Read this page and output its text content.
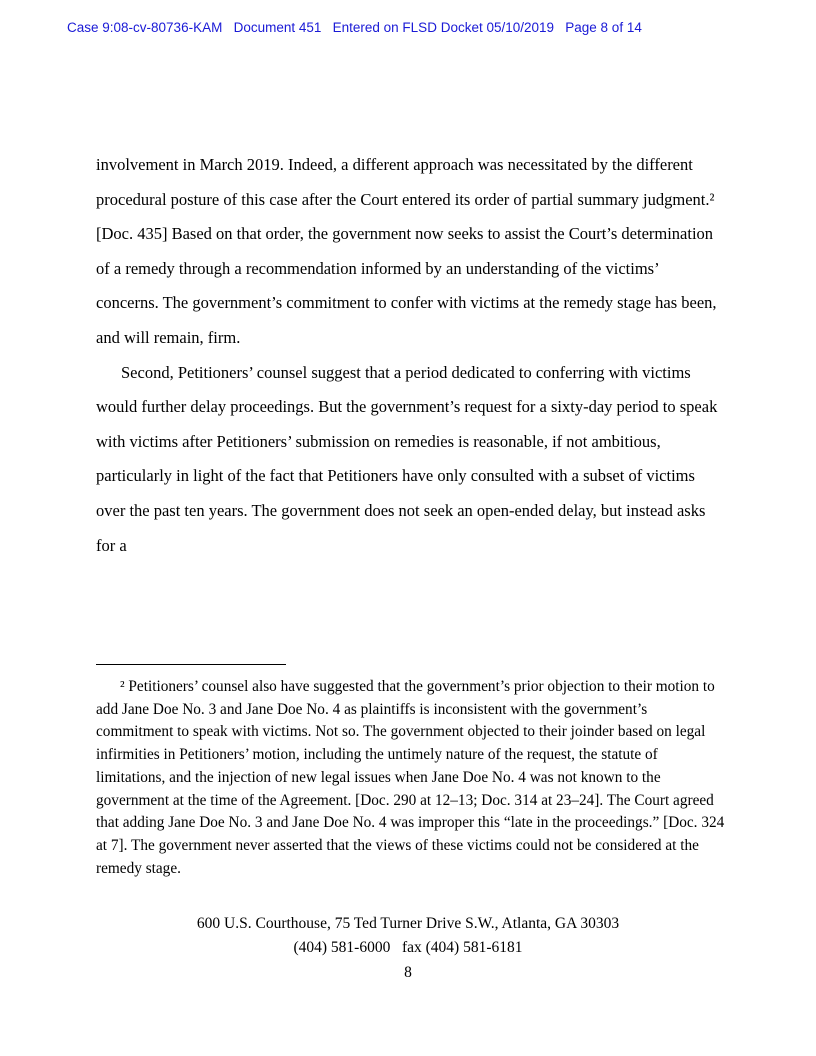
Case 9:08-cv-80736-KAM   Document 451   Entered on FLSD Docket 05/10/2019   Page 8 of 14

involvement in March 2019. Indeed, a different approach was necessitated by the different procedural posture of this case after the Court entered its order of partial summary judgment.² [Doc. 435] Based on that order, the government now seeks to assist the Court’s determination of a remedy through a recommendation informed by an understanding of the victims’ concerns. The government’s commitment to confer with victims at the remedy stage has been, and will remain, firm.

Second, Petitioners’ counsel suggest that a period dedicated to conferring with victims would further delay proceedings. But the government’s request for a sixty-day period to speak with victims after Petitioners’ submission on remedies is reasonable, if not ambitious, particularly in light of the fact that Petitioners have only consulted with a subset of victims over the past ten years. The government does not seek an open-ended delay, but instead asks for a

² Petitioners’ counsel also have suggested that the government’s prior objection to their motion to add Jane Doe No. 3 and Jane Doe No. 4 as plaintiffs is inconsistent with the government’s commitment to speak with victims. Not so. The government objected to their joinder based on legal infirmities in Petitioners’ motion, including the untimely nature of the request, the statute of limitations, and the injection of new legal issues when Jane Doe No. 4 was not known to the government at the time of the Agreement. [Doc. 290 at 12–13; Doc. 314 at 23–24]. The Court agreed that adding Jane Doe No. 3 and Jane Doe No. 4 was improper this “late in the proceedings.” [Doc. 324 at 7]. The government never asserted that the views of these victims could not be considered at the remedy stage.

600 U.S. Courthouse, 75 Ted Turner Drive S.W., Atlanta, GA 30303
(404) 581-6000   fax (404) 581-6181
8
